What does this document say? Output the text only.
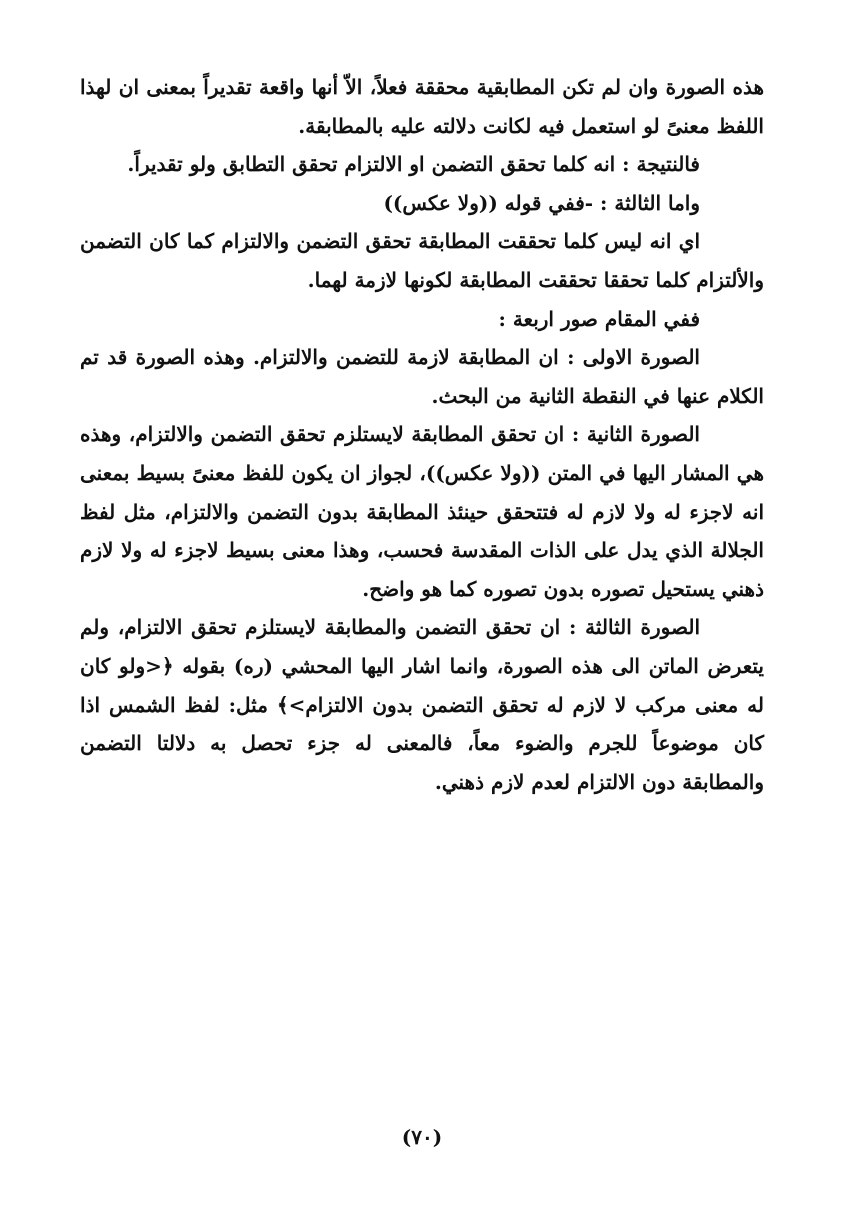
هذه الصورة وان لم تكن المطابقية محققة فعلاً، الاّ أنها واقعة تقديراً بمعنى ان لهذا اللفظ معنىً لو استعمل فيه لكانت دلالته عليه بالمطابقة.

فالنتيجة : انه كلما تحقق التضمن او الالتزام تحقق التطابق ولو تقديراً.

واما الثالثة : -ففي قوله ((ولا عكس))

اي انه ليس كلما تحققت المطابقة تحقق التضمن والالتزام كما كان التضمن والألتزام كلما تحققا تحققت المطابقة لكونها لازمة لهما.

ففي المقام صور اربعة :

الصورة الاولى : ان المطابقة لازمة للتضمن والالتزام. وهذه الصورة قد تم الكلام عنها في النقطة الثانية من البحث.

الصورة الثانية : ان تحقق المطابقة لايستلزم تحقق التضمن والالتزام، وهذه هي المشار اليها في المتن ((ولا عكس))، لجواز ان يكون للفظ معنىً بسيط بمعنى انه لاجزء له ولا لازم له فتتحقق حينئذ المطابقة بدون التضمن والالتزام، مثل لفظ الجلالة الذي يدل على الذات المقدسة فحسب، وهذا معنى بسيط لاجزء له ولا لازم ذهني يستحيل تصوره بدون تصوره كما هو واضح.

الصورة الثالثة : ان تحقق التضمن والمطابقة لايستلزم تحقق الالتزام، ولم يتعرض الماتن الى هذه الصورة، وانما اشار اليها المحشي (ره) بقوله ﴿<ولو كان له معنى مركب لا لازم له تحقق التضمن بدون الالتزام>﴾ مثل: لفظ الشمس اذا كان موضوعاً للجرم والضوء معاً، فالمعنى له جزء تحصل به دلالتا التضمن والمطابقة دون الالتزام لعدم لازم ذهني.

(٧٠)
